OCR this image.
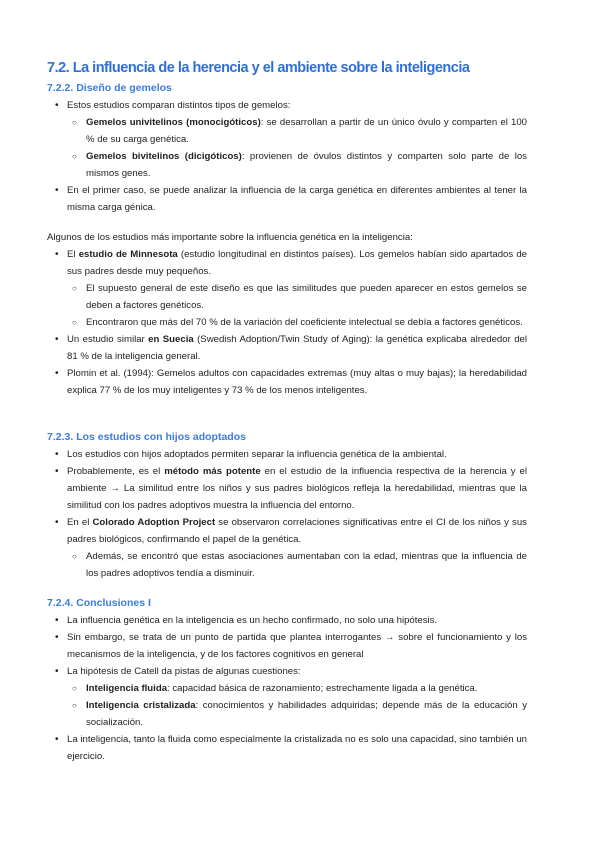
7.2. La influencia de la herencia y el ambiente sobre la inteligencia
7.2.2. Diseño de gemelos
• Estos estudios comparan distintos tipos de gemelos:
○ Gemelos univitelinos (monocigóticos): se desarrollan a partir de un único óvulo y comparten el 100 % de su carga genética.
○ Gemelos bivitelinos (dicigóticos): provienen de óvulos distintos y comparten solo parte de los mismos genes.
• En el primer caso, se puede analizar la influencia de la carga genética en diferentes ambientes al tener la misma carga génica.

Algunos de los estudios más importante sobre la influencia genética en la inteligencia:

• El estudio de Minnesota (estudio longitudinal en distintos países). Los gemelos habían sido apartados de sus padres desde muy pequeños.
○ El supuesto general de este diseño es que las similitudes que pueden aparecer en estos gemelos se deben a factores genéticos.
○ Encontraron que más del 70 % de la variación del coeficiente intelectual se debía a factores genéticos.
• Un estudio similar en Suecia (Swedish Adoption/Twin Study of Aging): la genética explicaba alrededor del 81 % de la inteligencia general.
• Plomin et al. (1994): Gemelos adultos con capacidades extremas (muy altas o muy bajas); la heredabilidad explica 77 % de los muy inteligentes y 73 % de los menos inteligentes.
7.2.3. Los estudios con hijos adoptados
• Los estudios con hijos adoptados permiten separar la influencia genética de la ambiental.
• Probablemente, es el método más potente en el estudio de la influencia respectiva de la herencia y el ambiente → La similitud entre los niños y sus padres biológicos refleja la heredabilidad, mientras que la similitud con los padres adoptivos muestra la influencia del entorno.
• En el Colorado Adoption Project se observaron correlaciones significativas entre el CI de los niños y sus padres biológicos, confirmando el papel de la genética.
○ Además, se encontró que estas asociaciones aumentaban con la edad, mientras que la influencia de los padres adoptivos tendía a disminuir.
7.2.4. Conclusiones I
• La influencia genética en la inteligencia es un hecho confirmado, no solo una hipótesis.
• Sin embargo, se trata de un punto de partida que plantea interrogantes → sobre el funcionamiento y los mecanismos de la inteligencia, y de los factores cognitivos en general
• La hipótesis de Catell da pistas de algunas cuestiones:
○ Inteligencia fluida: capacidad básica de razonamiento; estrechamente ligada a la genética.
○ Inteligencia cristalizada: conocimientos y habilidades adquiridas; depende más de la educación y socialización.
• La inteligencia, tanto la fluida como especialmente la cristalizada no es solo una capacidad, sino también un ejercicio.
